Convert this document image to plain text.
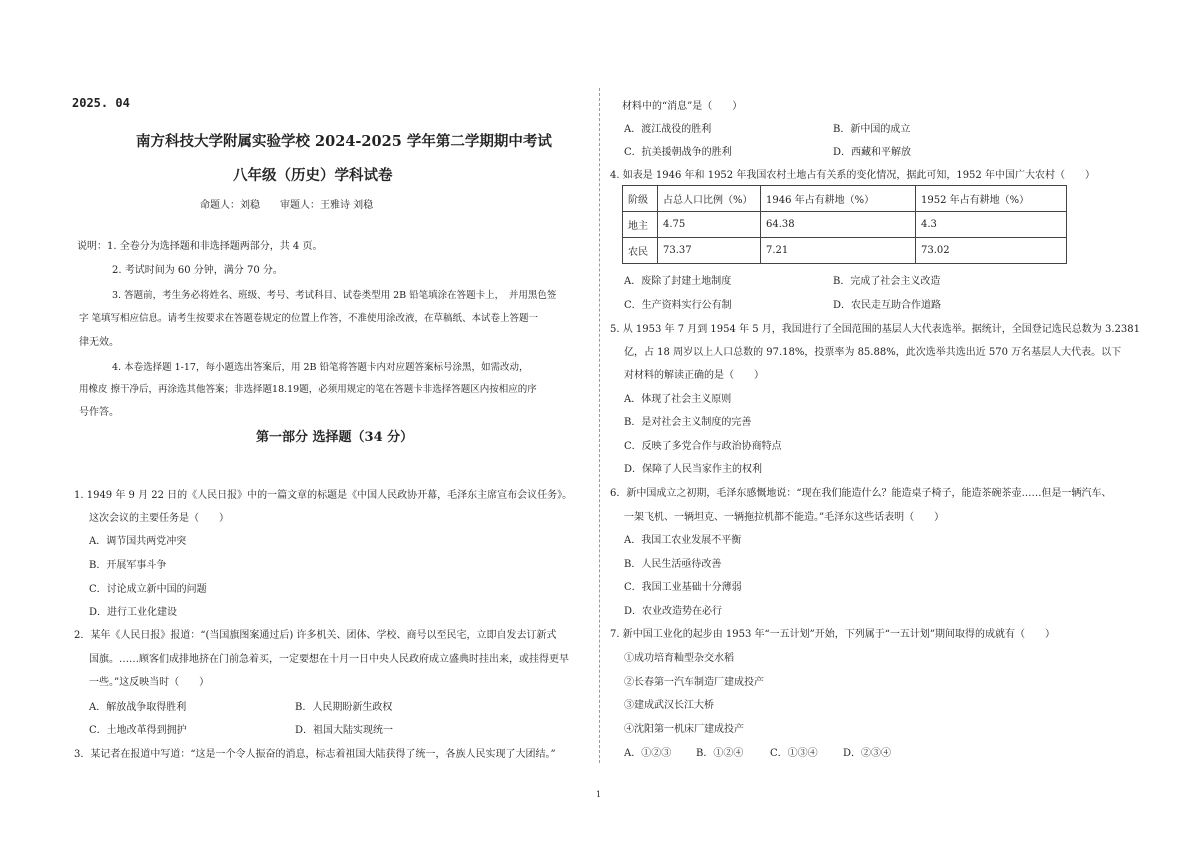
2025. 04
南方科技大学附属实验学校 2024-2025 学年第二学期期中考试
八年级（历史）学科试卷
命题人：刘稳　　审题人：王雅诗 刘稳
说明：1. 全卷分为选择题和非选择题两部分，共 4 页。
2. 考试时间为 60 分钟，满分 70 分。
3. 答题前，考生务必将姓名、班级、考号、考试科目、试卷类型用 2B 铅笔填涂在答题卡上，　并用黑色签
字 笔填写相应信息。请考生按要求在答题卷规定的位置上作答，不准使用涂改液，在草稿纸、本试卷上答题一
律无效。
4. 本卷选择题 1-17，每小题选出答案后，用 2B 铅笔将答题卡内对应题答案标号涂黑，如需改动，
用橡皮 擦干净后，再涂选其他答案；非选择题18.19题，必须用规定的笔在答题卡非选择答题区内按相应的序
号作答。
第一部分 选择题（34 分）
1. 1949 年 9 月 22 日的《人民日报》中的一篇文章的标题是《中国人民政协开幕，毛泽东主席宣布会议任务》。
这次会议的主要任务是（　　）
A．调节国共两党冲突
B．开展军事斗争
C．讨论成立新中国的问题
D．进行工业化建设
2．某年《人民日报》报道：“(当国旗图案通过后) 许多机关、团体、学校、商号以至民宅，立即自发去订新式
国旗。……顾客们成排地挤在门前急着买，一定要想在十月一日中央人民政府成立盛典时挂出来，或挂得更早
一些。”这反映当时（　　）
A．解放战争取得胜利	B．人民期盼新生政权
C．土地改革得到拥护	D．祖国大陆实现统一
3．某记者在报道中写道：“这是一个令人振奋的消息，标志着祖国大陆获得了统一，各族人民实现了大团结。”
材料中的“消息”是（　　）
A．渡江战役的胜利	B．新中国的成立
C．抗美援朝战争的胜利	D．西藏和平解放
4. 如表是 1946 年和 1952 年我国农村土地占有关系的变化情况，据此可知，1952 年中国广大农村（　　）
阶级	占总人口比例（%）	1946 年占有耕地（%）	1952 年占有耕地（%）
地主	4.75	64.38	4.3
农民	73.37	7.21	73.02
A．废除了封建土地制度	B．完成了社会主义改造
C．生产资料实行公有制	D．农民走互助合作道路
5. 从 1953 年 7 月到 1954 年 5 月，我国进行了全国范围的基层人大代表选举。据统计，全国登记选民总数为 3.2381
亿，占 18 周岁以上人口总数的 97.18%，投票率为 85.88%，此次选举共选出近 570 万名基层人大代表。以下
对材料的解读正确的是（　　）
A．体现了社会主义原则
B．是对社会主义制度的完善
C．反映了多党合作与政治协商特点
D．保障了人民当家作主的权利
6．新中国成立之初期，毛泽东感慨地说：“现在我们能造什么？能造桌子椅子，能造茶碗茶壶……但是一辆汽车、
一架飞机、一辆坦克、一辆拖拉机都不能造。”毛泽东这些话表明（　　）
A．我国工农业发展不平衡
B．人民生活亟待改善
C．我国工业基础十分薄弱
D．农业改造势在必行
7. 新中国工业化的起步由 1953 年“一五计划”开始，下列属于“一五计划”期间取得的成就有（　　）
①成功培育籼型杂交水稻
②长春第一汽车制造厂建成投产
③建成武汉长江大桥
④沈阳第一机床厂建成投产
A．①②③ B．①②④	C．①③④	D．②③④
1
